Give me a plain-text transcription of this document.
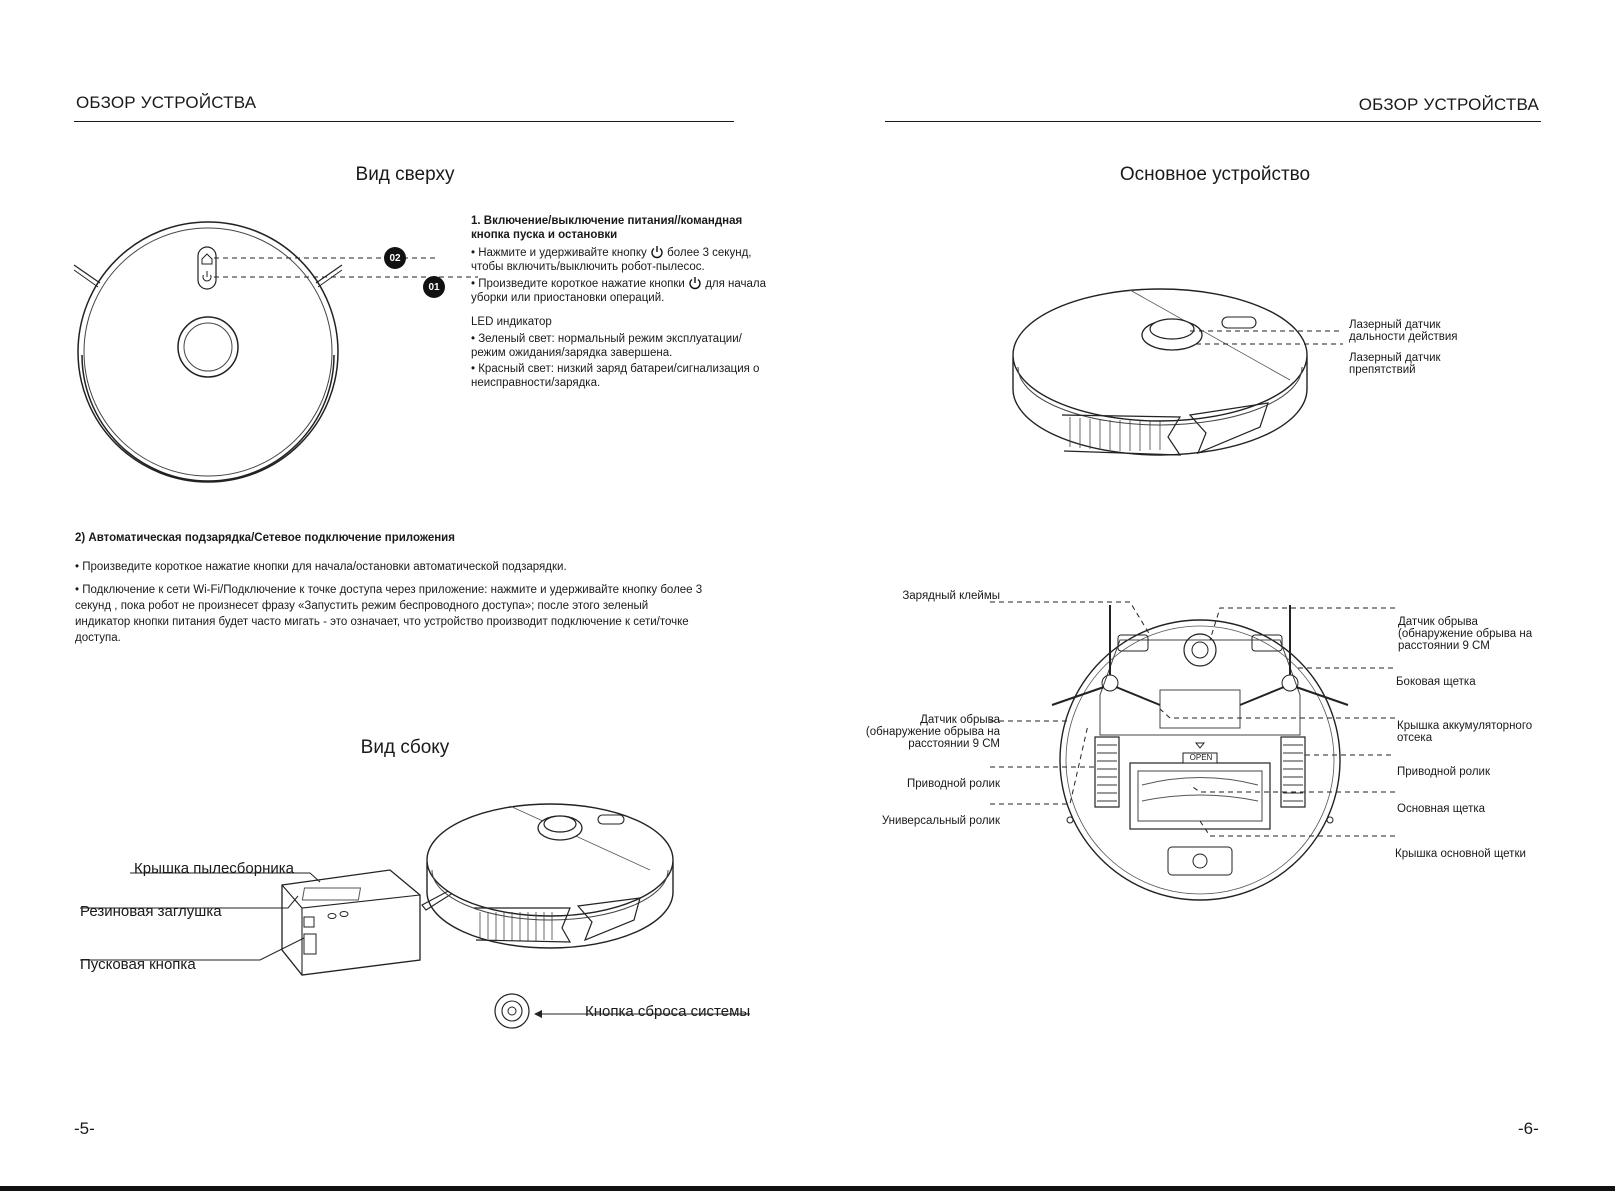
ОБЗОР УСТРОЙСТВА
Вид сверху
02
01
1. Включение/выключение питания//командная кнопка пуска и остановки
• Нажмите и удерживайте кнопку более 3 секунд, чтобы включить/выключить робот-пылесос.
• Произведите короткое нажатие кнопки для начала уборки или приостановки операций.
LED индикатор
• Зеленый свет: нормальный режим эксплуатации/режим ожидания/зарядка завершена.
• Красный свет: низкий заряд батареи/сигнализация о неисправности/зарядка.
2) Автоматическая подзарядка/Сетевое подключение приложения
• Произведите короткое нажатие кнопки для начала/остановки автоматической подзарядки.
• Подключение к сети Wi-Fi/Подключение к точке доступа через приложение: нажмите и удерживайте кнопку более 3 секунд , пока робот не произнесет фразу «Запустить режим беспроводного доступа»; после этого зеленый индикатор кнопки питания будет часто мигать - это означает, что устройство производит подключение к сети/точке доступа.
Вид сбоку
Крышка пылесборника
Резиновая заглушка
Пусковая кнопка
Кнопка сброса системы
-5-
ОБЗОР УСТРОЙСТВА
Основное устройство
Лазерный датчик дальности действия
Лазерный датчик препятствий
OPEN
Зарядный клеймы
Датчик обрыва (обнаружение обрыва на расстоянии 9 СМ
Приводной ролик
Универсальный ролик
Датчик обрыва (обнаружение обрыва на расстоянии 9 СМ
Боковая щетка
Крышка аккумуляторного отсека
Приводной ролик
Основная щетка
Крышка основной щетки
-6-
